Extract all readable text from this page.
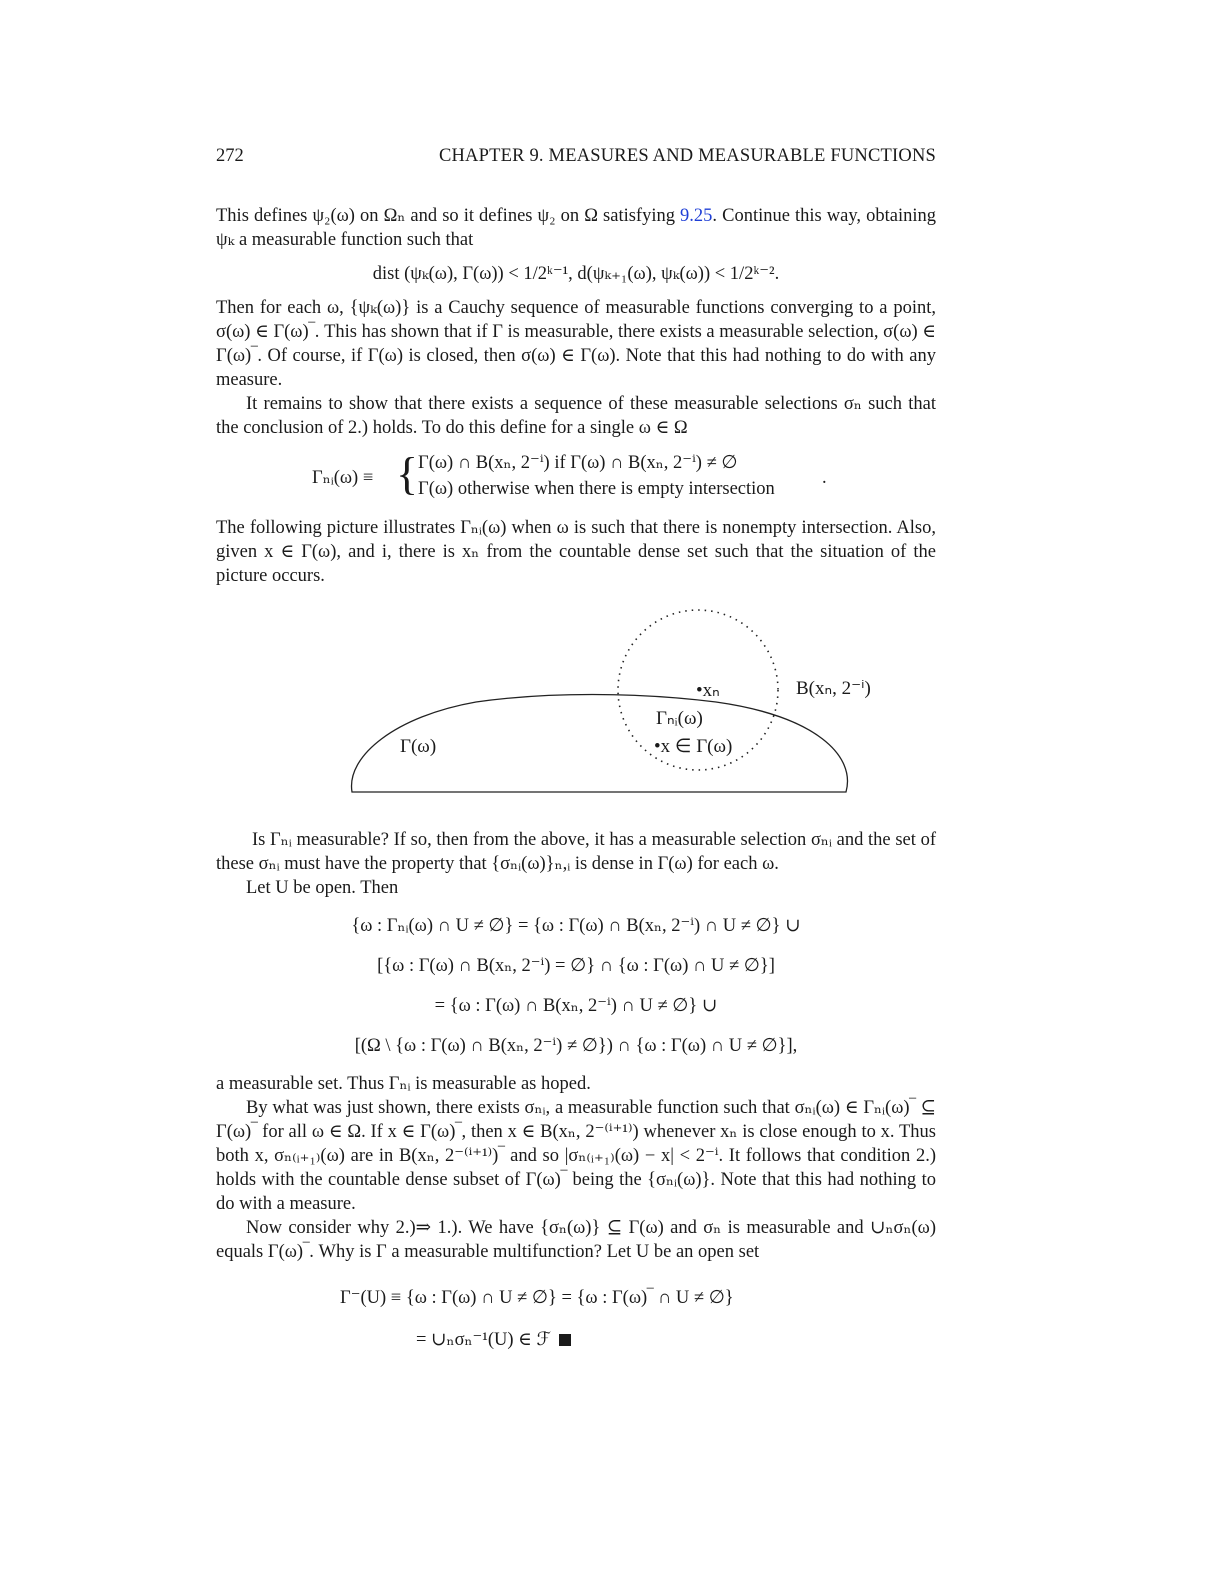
272	CHAPTER 9. MEASURES AND MEASURABLE FUNCTIONS

This defines ψ₂(ω) on Ωₙ and so it defines ψ₂ on Ω satisfying 9.25. Continue this way, obtaining ψₖ a measurable function such that

dist (ψₖ(ω), Γ(ω)) < 1/2ᵏ⁻¹, d(ψₖ₊₁(ω), ψₖ(ω)) < 1/2ᵏ⁻².

Then for each ω, {ψₖ(ω)} is a Cauchy sequence of measurable functions converging to a point, σ(ω) ∈ Γ(ω)‾. This has shown that if Γ is measurable, there exists a measurable selection, σ(ω) ∈ Γ(ω)‾. Of course, if Γ(ω) is closed, then σ(ω) ∈ Γ(ω). Note that this had nothing to do with any measure.

It remains to show that there exists a sequence of these measurable selections σₙ such that the conclusion of 2.) holds. To do this define for a single ω ∈ Ω

Γₙᵢ(ω) ≡ { Γ(ω) ∩ B(xₙ, 2⁻ⁱ) if Γ(ω) ∩ B(xₙ, 2⁻ⁱ) ≠ ∅
Γ(ω) otherwise when there is empty intersection
.

The following picture illustrates Γₙᵢ(ω) when ω is such that there is nonempty intersection. Also, given x ∈ Γ(ω), and i, there is xₙ from the countable dense set such that the situation of the picture occurs.

Γ(ω)
•xₙ	B(xₙ, 2⁻ⁱ)
Γₙᵢ(ω)
•x ∈ Γ(ω)

Is Γₙᵢ measurable? If so, then from the above, it has a measurable selection σₙᵢ and the set of these σₙᵢ must have the property that {σₙᵢ(ω)}ₙ,ᵢ is dense in Γ(ω) for each ω.

Let U be open. Then

{ω : Γₙᵢ(ω) ∩ U ≠ ∅} = {ω : Γ(ω) ∩ B(xₙ, 2⁻ⁱ) ∩ U ≠ ∅} ∪
[{ω : Γ(ω) ∩ B(xₙ, 2⁻ⁱ) = ∅} ∩ {ω : Γ(ω) ∩ U ≠ ∅}]
= {ω : Γ(ω) ∩ B(xₙ, 2⁻ⁱ) ∩ U ≠ ∅} ∪
[(Ω \ {ω : Γ(ω) ∩ B(xₙ, 2⁻ⁱ) ≠ ∅}) ∩ {ω : Γ(ω) ∩ U ≠ ∅}],

a measurable set. Thus Γₙᵢ is measurable as hoped.

By what was just shown, there exists σₙᵢ, a measurable function such that σₙᵢ(ω) ∈ Γₙᵢ(ω)‾ ⊆ Γ(ω)‾ for all ω ∈ Ω. If x ∈ Γ(ω)‾, then x ∈ B(xₙ, 2⁻⁽ⁱ⁺¹⁾) whenever xₙ is close enough to x. Thus both x, σₙ₍ᵢ₊₁₎(ω) are in B(xₙ, 2⁻⁽ⁱ⁺¹⁾)‾ and so |σₙ₍ᵢ₊₁₎(ω) − x| < 2⁻ⁱ. It follows that condition 2.) holds with the countable dense subset of Γ(ω)‾ being the {σₙᵢ(ω)}. Note that this had nothing to do with a measure.

Now consider why 2.)⇒ 1.). We have {σₙ(ω)} ⊆ Γ(ω) and σₙ is measurable and ∪ₙσₙ(ω) equals Γ(ω)‾. Why is Γ a measurable multifunction? Let U be an open set

Γ⁻(U) ≡ {ω : Γ(ω) ∩ U ≠ ∅} = {ω : Γ(ω)‾ ∩ U ≠ ∅}
= ∪ₙσₙ⁻¹(U) ∈ ℱ
